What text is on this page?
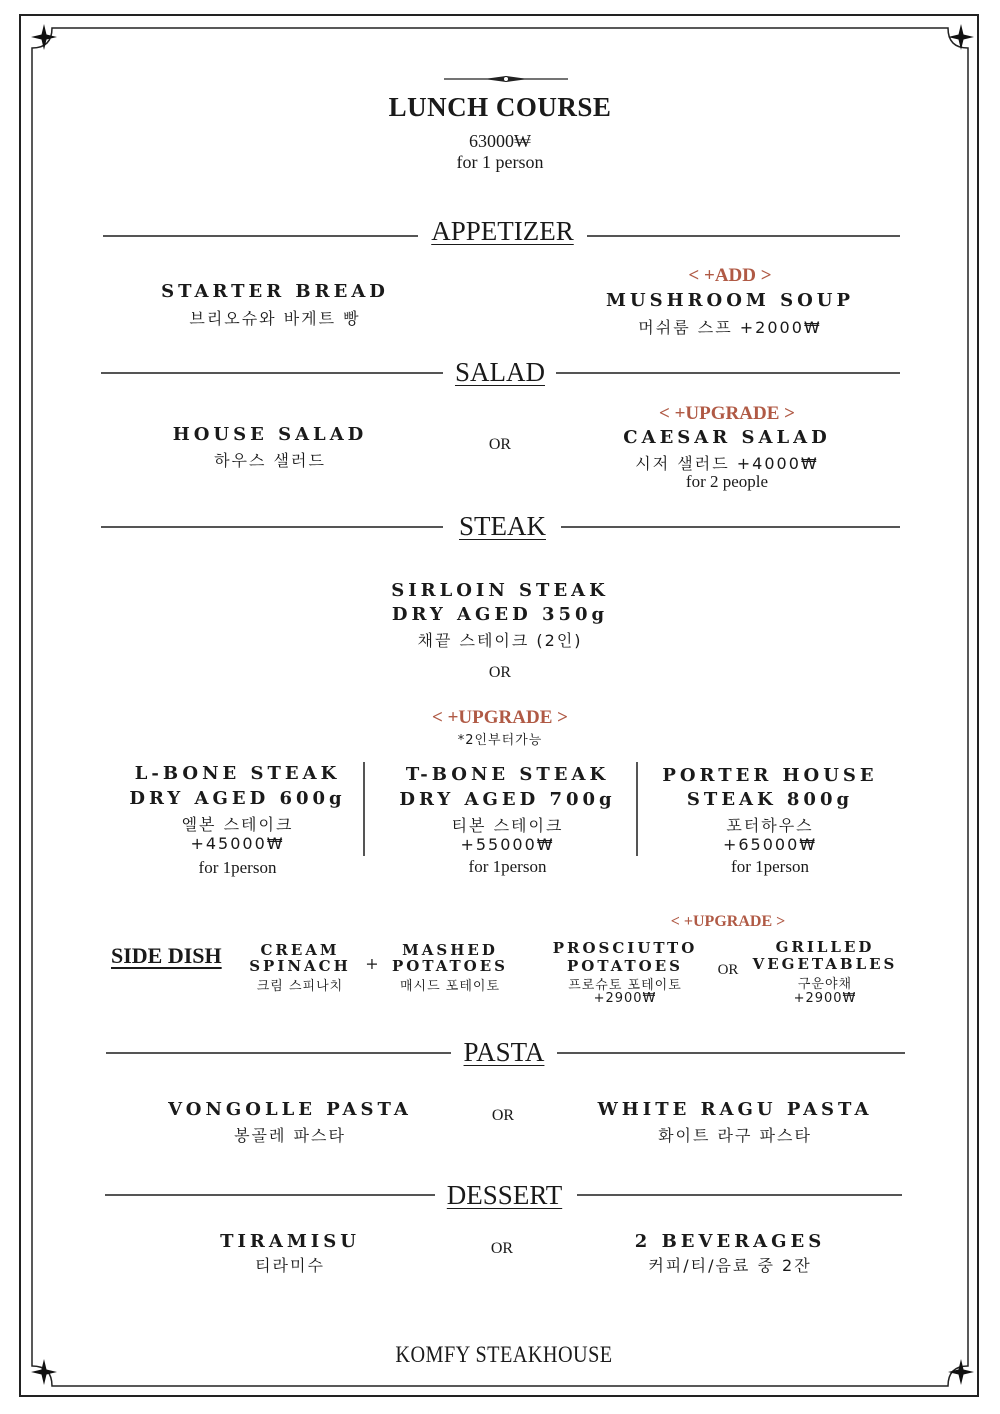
LUNCH COURSE
63000₩
for 1 person
APPETIZER
STARTER BREAD
브리오슈와 바게트 빵
< +ADD >
MUSHROOM SOUP
머쉬룸 스프 +2000₩
SALAD
HOUSE SALAD
하우스 샐러드
OR
< +UPGRADE >
CAESAR SALAD
시저 샐러드 +4000₩
for 2 people
STEAK
SIRLOIN STEAK
DRY AGED 350g
채끝 스테이크 (2인)
OR
< +UPGRADE >
*2인부터가능
L-BONE STEAK
DRY AGED 600g
엘본 스테이크
+45000₩
for 1person
T-BONE STEAK
DRY AGED 700g
티본 스테이크
+55000₩
for 1person
PORTER HOUSE
STEAK 800g
포터하우스
+65000₩
for 1person
SIDE DISH	CREAM
SPINACH
크림 스피나치
+
MASHED
POTATOES
매시드 포테이토
< +UPGRADE >
PROSCIUTTO
POTATOES
프로슈토 포테이토
+2900₩
OR
GRILLED
VEGETABLES
구운야채
+2900₩
PASTA
VONGOLLE PASTA
봉골레 파스타
OR	WHITE RAGU PASTA
화이트 라구 파스타
DESSERT
TIRAMISU
티라미수
OR	2 BEVERAGES
커피/티/음료 중 2잔
KOMFY STEAKHOUSE
